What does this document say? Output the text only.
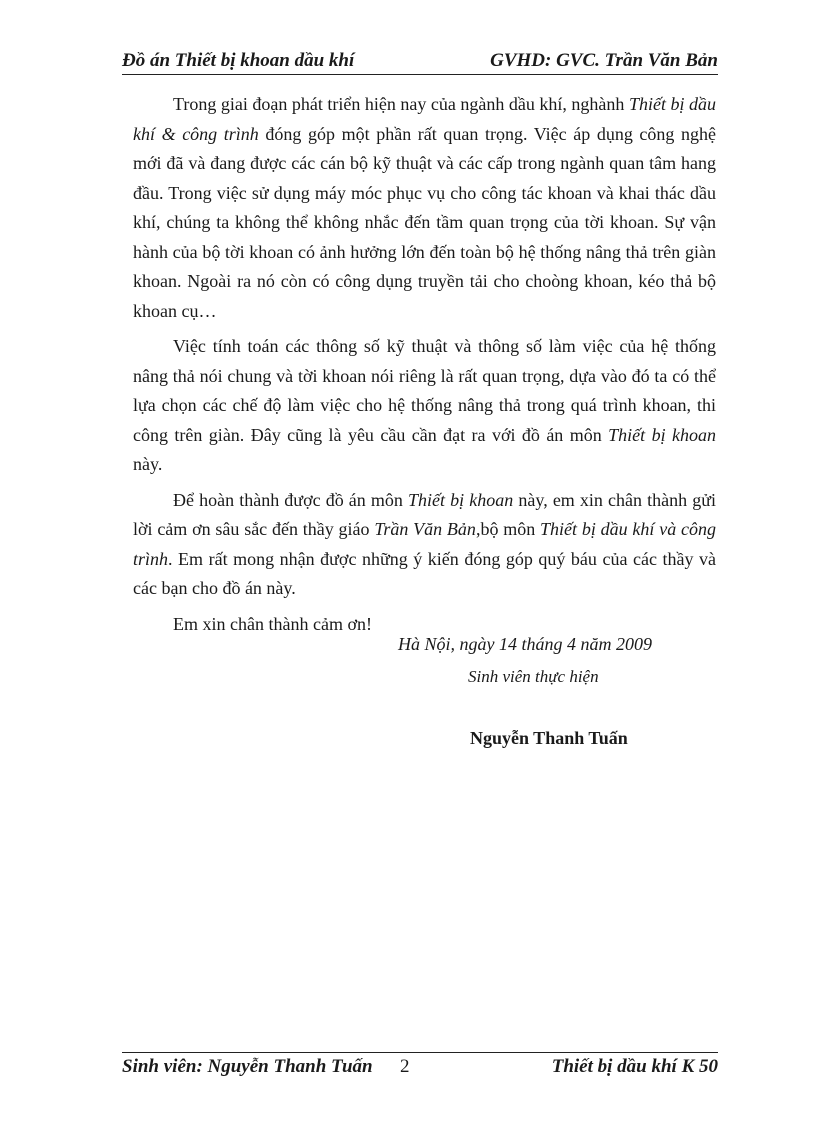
Đồ án Thiết bị khoan dầu khí	GVHD: GVC. Trần Văn Bản

Trong giai đoạn phát triển hiện nay của ngành dầu khí, nghành Thiết bị dầu khí & công trình đóng góp một phần rất quan trọng. Việc áp dụng công nghệ mới đã và đang được các cán bộ kỹ thuật và các cấp trong ngành quan tâm hang đầu. Trong việc sử dụng máy móc phục vụ cho công tác khoan và khai thác dầu khí, chúng ta không thể không nhắc đến tầm quan trọng của tời khoan. Sự vận hành của bộ tời khoan có ảnh hưởng lớn đến toàn bộ hệ thống nâng thả trên giàn khoan. Ngoài ra nó còn có công dụng truyền tải cho choòng khoan, kéo thả bộ khoan cụ…

Việc tính toán các thông số kỹ thuật và thông số làm việc của hệ thống nâng thả nói chung và tời khoan nói riêng là rất quan trọng, dựa vào đó ta có thể lựa chọn các chế độ làm việc cho hệ thống nâng thả trong quá trình khoan, thi công trên giàn. Đây cũng là yêu cầu cần đạt ra với đồ án môn Thiết bị khoan này.

Để hoàn thành được đồ án môn Thiết bị khoan này, em xin chân thành gửi lời cảm ơn sâu sắc đến thầy giáo Trần Văn Bản,bộ môn Thiết bị dầu khí và công trình. Em rất mong nhận được những ý kiến đóng góp quý báu của các thầy và các bạn cho đồ án này.

Em xin chân thành cảm ơn!

Hà Nội, ngày 14 tháng 4 năm 2009
Sinh viên thực hiện
Nguyễn Thanh Tuấn
Sinh viên: Nguyễn Thanh Tuấn 2	Thiết bị dầu khí K 50
